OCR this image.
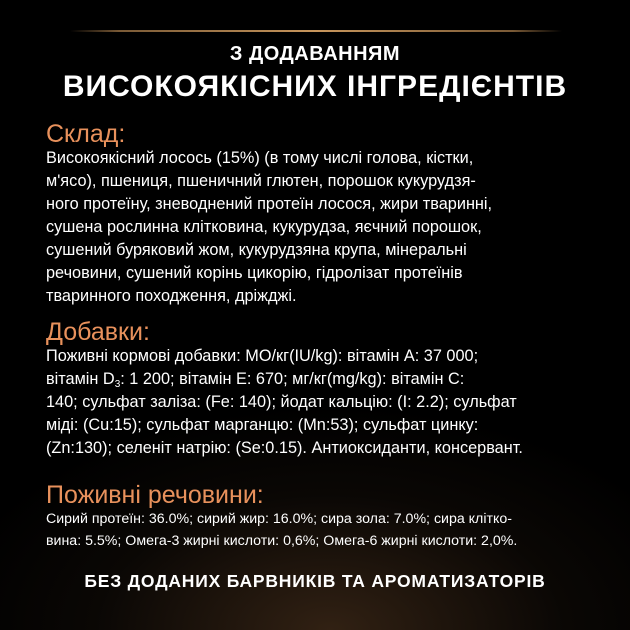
З ДОДАВАННЯМ
ВИСОКОЯКІСНИХ ІНГРЕДІЄНТІВ
Склад:
Високоякісний лосось (15%) (в тому числі голова, кістки,
м'ясо), пшениця, пшеничний глютен, порошок кукурудзя-
ного протеїну, зневоднений протеїн лосося, жири тваринні,
сушена рослинна клітковина, кукурудза, яєчний порошок,
сушений буряковий жом, кукурудзяна крупа, мінеральні
речовини, сушений корінь цикорію, гідролізат протеїнів
тваринного походження, дріжджі.
Добавки:
Поживні кормові добавки: МО/кг(IU/kg): вітамін А: 37 000;
вітамін $D_3$: 1 200; вітамін Е: 670; мг/кг(mg/kg): вітамін С:
140; сульфат заліза: (Fe: 140); йодат кальцію: (I: 2.2); сульфат
міді: (Cu:15); сульфат марганцю: (Mn:53); сульфат цинку:
(Zn:130); селеніт натрію: (Se:0.15). Антиоксиданти, консервант.
Поживні речовини:
Сирий протеїн: 36.0%; сирий жир: 16.0%; сира зола: 7.0%; сира клітко-
вина: 5.5%; Омега-3 жирні кислоти: 0,6%; Омега-6 жирні кислоти: 2,0%.
БЕЗ ДОДАНИХ БАРВНИКІВ ТА АРОМАТИЗАТОРІВ
